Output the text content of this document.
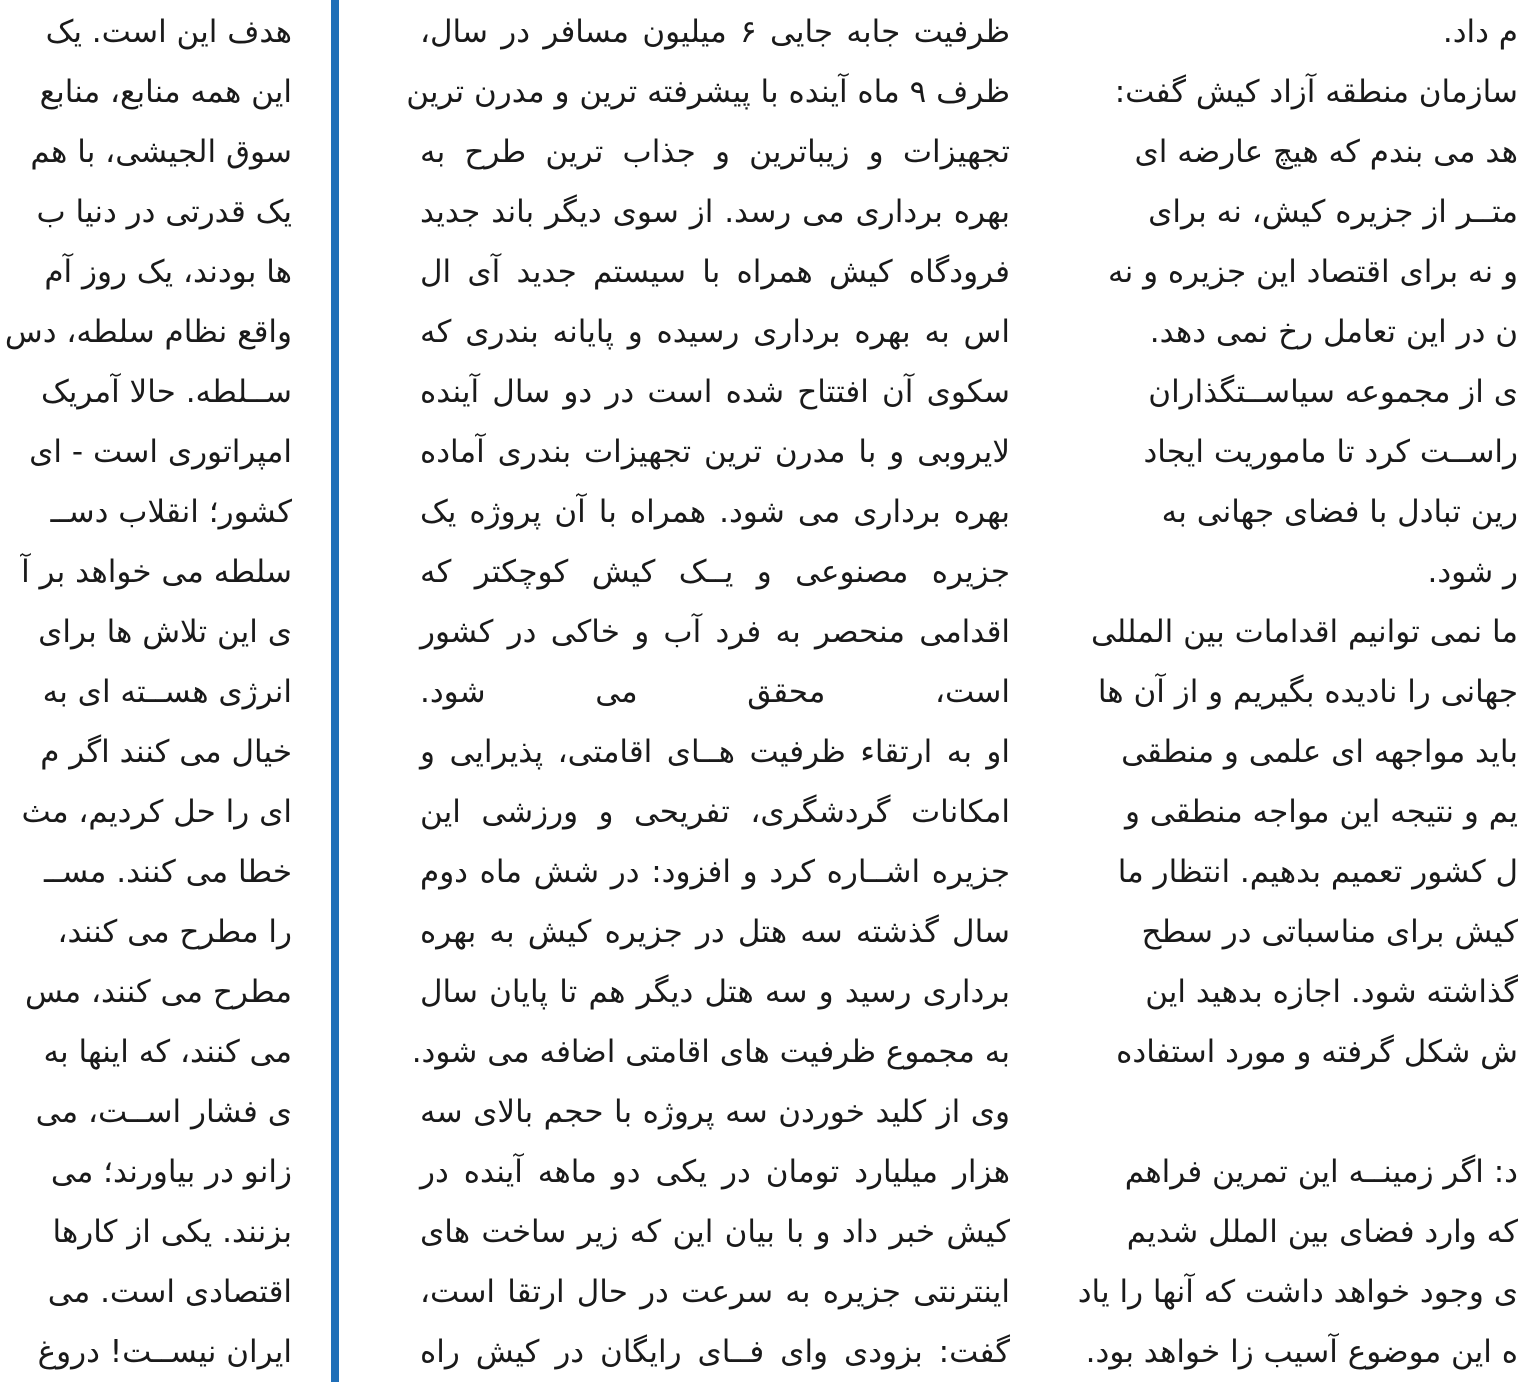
هدف این است. یک
این همه منابع، منابع
سوق الجیشی، با هم
یک قدرتی در دنیا ب
ها بودند، یک روز آم
واقع نظام سلطه، دس
ســلطه. حالا آمریک
امپراتوری است - ای
کشور؛ انقلاب دســ
سلطه می خواهد بر آ
ی این تلاش ها برای
انرژی هســته ای به
خیال می کنند اگر م
ای را حل کردیم، مث
خطا می کنند. مســ
را مطرح می کنند،
مطرح می کنند، مس
می کنند، که اینها به
ی فشار اســت، می
زانو در بیاورند؛ می
بزنند. یکی از کارها
اقتصادی است. می
ایران نیســت! دروغ
ظرفیت جابه جایی ۶ میلیون مسافر در سال،
ظرف ۹ ماه آینده با پیشرفته ترین و مدرن ترین
تجهیزات و زیباترین و جذاب ترین طرح به
بهره برداری می رسد. از سوی دیگر باند جدید
فرودگاه کیش همراه با سیستم جدید آی ال
اس به بهره برداری رسیده و پایانه بندری که
سکوی آن افتتاح شده است در دو سال آینده
لایروبی و با مدرن ترین تجهیزات بندری آماده
بهره برداری می شود. همراه با آن پروژه یک
جزیره مصنوعی و یــک کیش کوچکتر که
اقدامی منحصر به فرد آب و خاکی در کشور
است، محقق می شود.
او به ارتقاء ظرفیت هــای اقامتی، پذیرایی و
امکانات گردشگری، تفریحی و ورزشی این
جزیره اشــاره کرد و افزود: در شش ماه دوم
سال گذشته سه هتل در جزیره کیش به بهره
برداری رسید و سه هتل دیگر هم تا پایان سال
به مجموع ظرفیت های اقامتی اضافه می شود.
وی از کلید خوردن سه پروژه با حجم بالای سه
هزار میلیارد تومان در یکی دو ماهه آینده در
کیش خبر داد و با بیان این که زیر ساخت های
اینترنتی جزیره به سرعت در حال ارتقا است،
گفت: بزودی وای فــای رایگان در کیش راه
م داد.
سازمان منطقه آزاد کیش گفت:
هد می بندم که هیچ عارضه ای
متــر از جزیره کیش، نه برای
و نه برای اقتصاد این جزیره و نه
ن در این تعامل رخ نمی دهد.
ی از مجموعه سیاســتگذاران
راســت کرد تا ماموریت ایجاد
رین تبادل با فضای جهانی به
ر شود.
ما نمی توانیم اقدامات بین المللی
جهانی را نادیده بگیریم و از آن ها
باید مواجهه ای علمی و منطقی
یم و نتیجه این مواجه منطقی و
ل کشور تعمیم بدهیم. انتظار ما
کیش برای مناسباتی در سطح
گذاشته شود. اجازه بدهید این
ش شکل گرفته و مورد استفاده
د: اگر زمینــه این تمرین فراهم
که وارد فضای بین الملل شدیم
ی وجود خواهد داشت که آنها را یاد
ه این موضوع آسیب زا خواهد بود.
